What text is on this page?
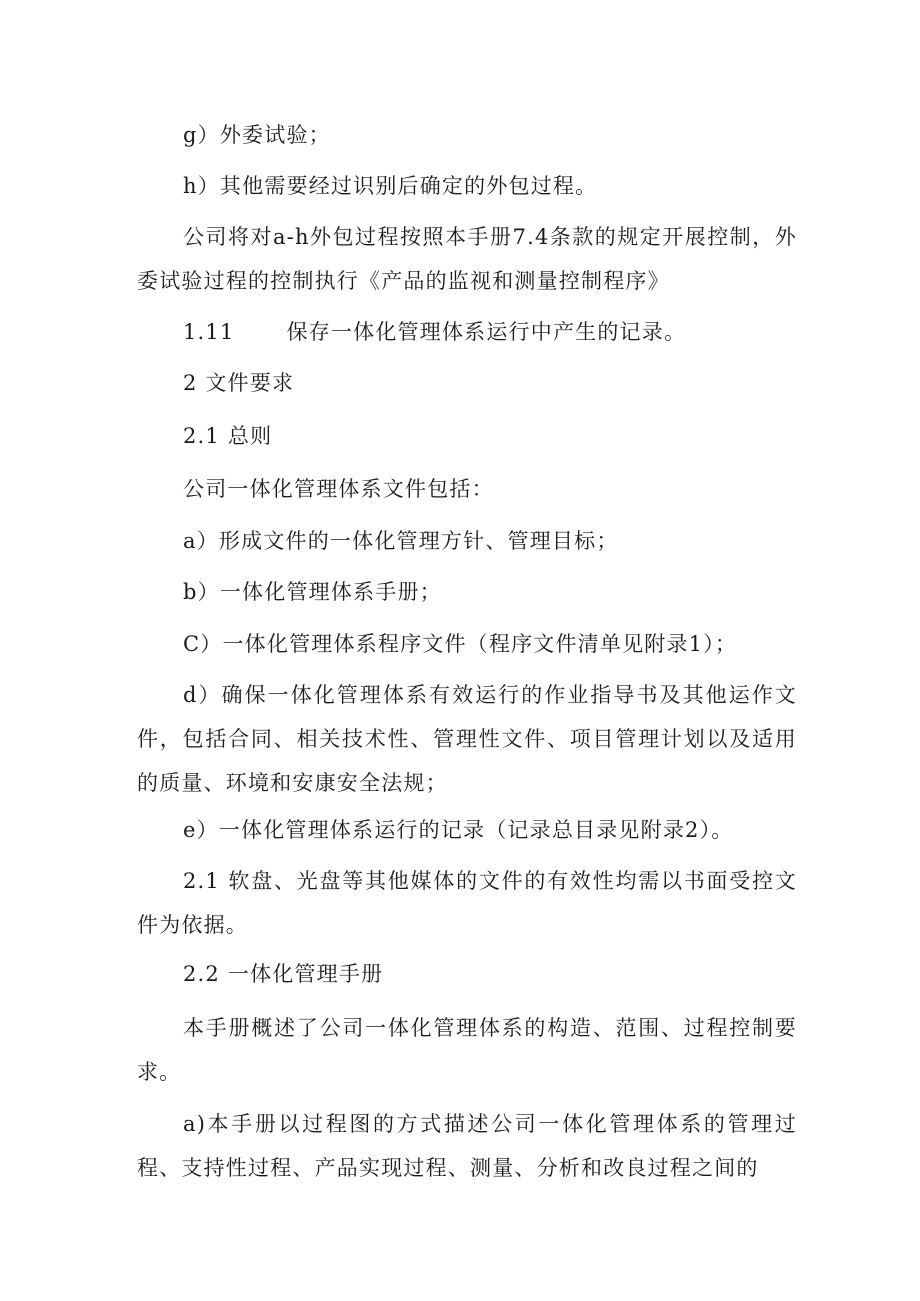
g）外委试验；

h）其他需要经过识别后确定的外包过程。

公司将对a-h外包过程按照本手册7.4条款的规定开展控制，外委试验过程的控制执行《产品的监视和测量控制程序》

1.11 保存一体化管理体系运行中产生的记录。

2 文件要求

2.1 总则

公司一体化管理体系文件包括：

a）形成文件的一体化管理方针、管理目标；

b）一体化管理体系手册；

C）一体化管理体系程序文件（程序文件清单见附录1）；

d）确保一体化管理体系有效运行的作业指导书及其他运作文件，包括合同、相关技术性、管理性文件、项目管理计划以及适用的质量、环境和安康安全法规；

e）一体化管理体系运行的记录（记录总目录见附录2）。

2.1 软盘、光盘等其他媒体的文件的有效性均需以书面受控文件为依据。

2.2 一体化管理手册

本手册概述了公司一体化管理体系的构造、范围、过程控制要求。

a)本手册以过程图的方式描述公司一体化管理体系的管理过程、支持性过程、产品实现过程、测量、分析和改良过程之间的
